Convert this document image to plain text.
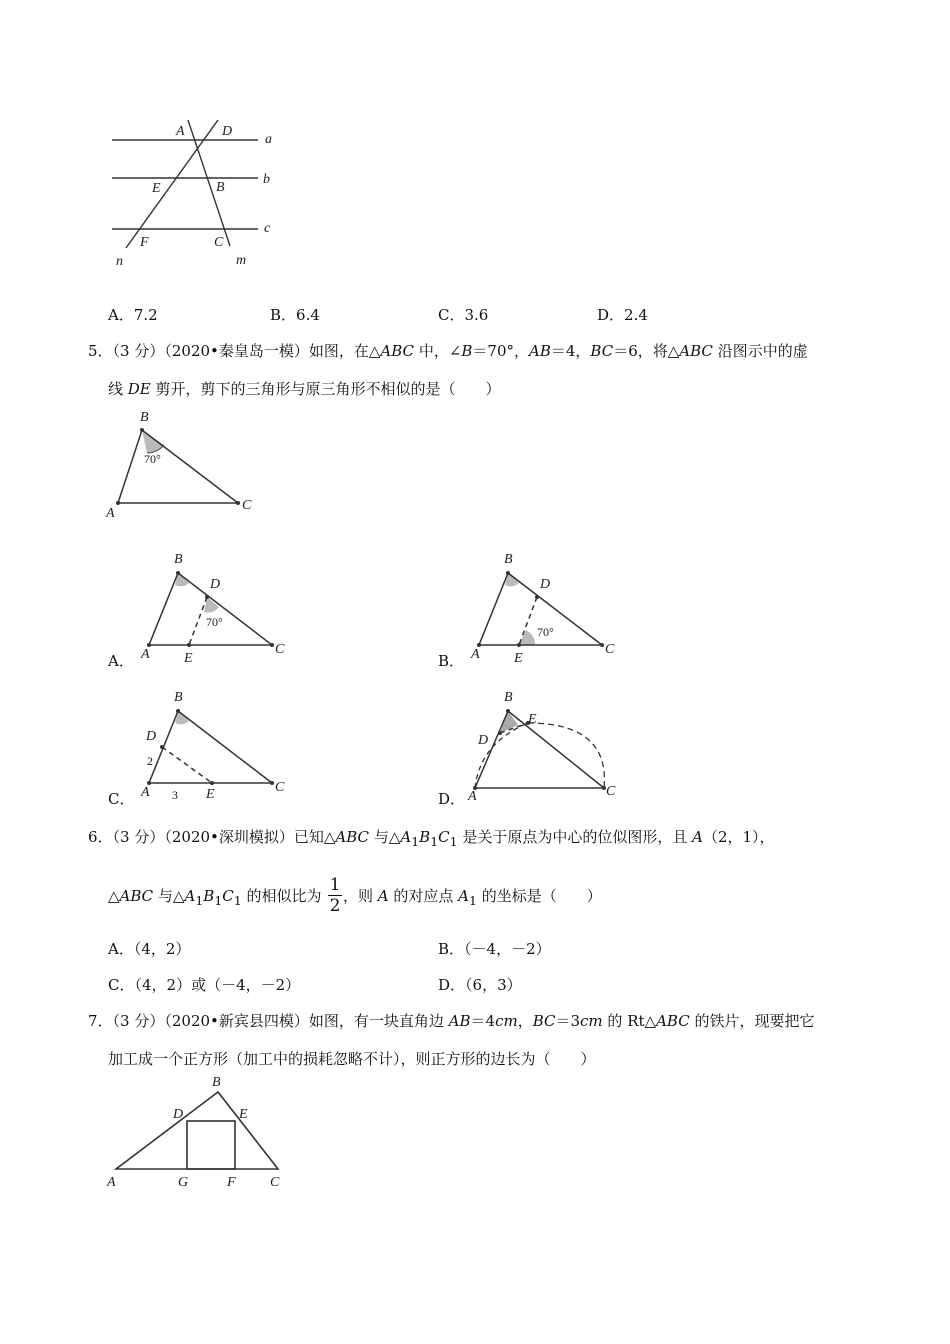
A	D
a
E	B
b
F	C
c
n	m
A．7.2	B．6.4	C．3.6	D．2.4
5．（3 分）（2020•秦皇岛一模）如图，在△ABC 中，∠B＝70°，AB＝4，BC＝6，将△ABC 沿图示中的虚
线 DE 剪开，剪下的三角形与原三角形不相似的是（　　）
B
A
C
70°
B
D
A E
C
70°
A．
B
D
A E
C
70°
B．
B
D
2
A 3 E	C
C．
B
E
D
A	C
D．
6．（3 分）（2020•深圳模拟）已知△ABC 与$\triangle A_1B_1C_1$ 是关于原点为中心的位似图形，且 A（2，1），
△ABC 与$\triangle A_1B_1C_1$ 的相似比为
1
2 ，则 A 的对应点 $A_1$ 的坐标是（　　）
A．（4，2）	B．（－4，－2）
C．（4，2）或（－4，－2）	D．（6，3）
7．（3 分）（2020•新宾县四模）如图，有一块直角边 AB＝4cm，BC＝3cm 的 Rt△ABC 的铁片，现要把它
加工成一个正方形（加工中的损耗忽略不计），则正方形的边长为（　　）
B
D	E
A	G	F C
